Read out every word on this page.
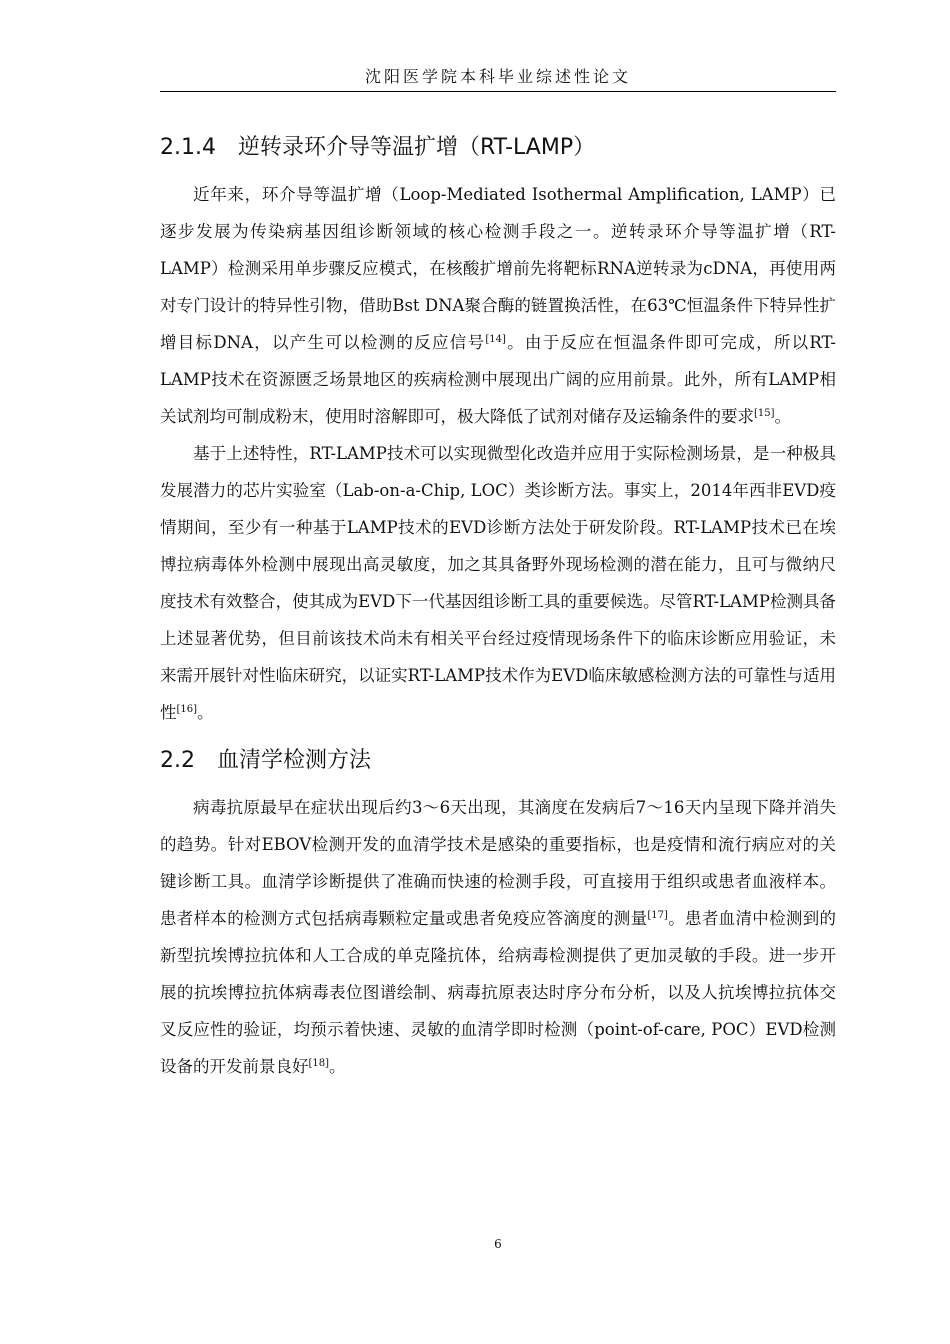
沈阳医学院本科毕业综述性论文
2.1.4 逆转录环介导等温扩增（RT-LAMP）

近年来，环介导等温扩增（Loop-Mediated Isothermal Amplification, LAMP）已逐步发展为传染病基因组诊断领域的核心检测手段之一。逆转录环介导等温扩增（RT-LAMP）检测采用单步骤反应模式，在核酸扩增前先将靶标RNA逆转录为cDNA，再使用两对专门设计的特异性引物，借助Bst DNA聚合酶的链置换活性，在63℃恒温条件下特异性扩增目标DNA，以产生可以检测的反应信号[14]。由于反应在恒温条件即可完成，所以RT-LAMP技术在资源匮乏场景地区的疾病检测中展现出广阔的应用前景。此外，所有LAMP相关试剂均可制成粉末，使用时溶解即可，极大降低了试剂对储存及运输条件的要求[15]。

基于上述特性，RT-LAMP技术可以实现微型化改造并应用于实际检测场景，是一种极具发展潜力的芯片实验室（Lab-on-a-Chip, LOC）类诊断方法。事实上，2014年西非EVD疫情期间，至少有一种基于LAMP技术的EVD诊断方法处于研发阶段。RT-LAMP技术已在埃博拉病毒体外检测中展现出高灵敏度，加之其具备野外现场检测的潜在能力，且可与微纳尺度技术有效整合，使其成为EVD下一代基因组诊断工具的重要候选。尽管RT-LAMP检测具备上述显著优势，但目前该技术尚未有相关平台经过疫情现场条件下的临床诊断应用验证，未来需开展针对性临床研究，以证实RT-LAMP技术作为EVD临床敏感检测方法的可靠性与适用性[16]。

2.2 血清学检测方法

病毒抗原最早在症状出现后约3～6天出现，其滴度在发病后7～16天内呈现下降并消失的趋势。针对EBOV检测开发的血清学技术是感染的重要指标，也是疫情和流行病应对的关键诊断工具。血清学诊断提供了准确而快速的检测手段，可直接用于组织或患者血液样本。患者样本的检测方式包括病毒颗粒定量或患者免疫应答滴度的测量[17]。患者血清中检测到的新型抗埃博拉抗体和人工合成的单克隆抗体，给病毒检测提供了更加灵敏的手段。进一步开展的抗埃博拉抗体病毒表位图谱绘制、病毒抗原表达时序分布分析，以及人抗埃博拉抗体交叉反应性的验证，均预示着快速、灵敏的血清学即时检测（point-of-care, POC）EVD检测设备的开发前景良好[18]。

6
